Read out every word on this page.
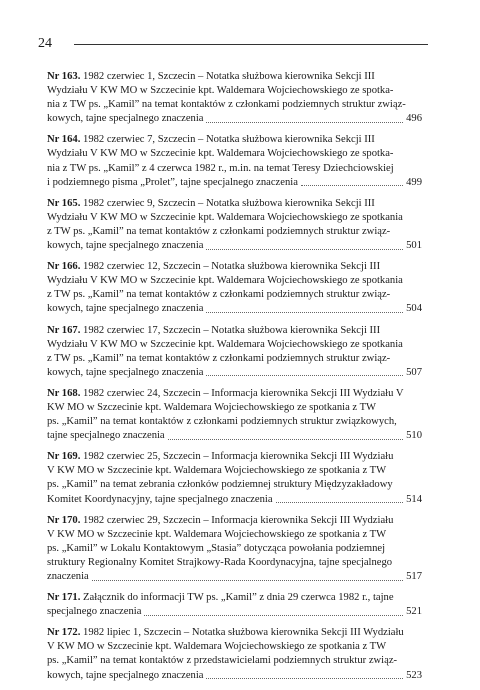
24
Nr 163. 1982 czerwiec 1, Szczecin – Notatka służbowa kierownika Sekcji III
Wydziału V KW MO w Szczecinie kpt. Waldemara Wojciechowskiego ze spotka-
nia z TW ps. „Kamil” na temat kontaktów z członkami podziemnych struktur związ-
kowych, tajne specjalnego znaczenia	496
Nr 164. 1982 czerwiec 7, Szczecin – Notatka służbowa kierownika Sekcji III
Wydziału V KW MO w Szczecinie kpt. Waldemara Wojciechowskiego ze spotka-
nia z TW ps. „Kamil” z 4 czerwca 1982 r., m.in. na temat Teresy Dziechciowskiej
i podziemnego pisma „Prolet”, tajne specjalnego znaczenia	499
Nr 165. 1982 czerwiec 9, Szczecin – Notatka służbowa kierownika Sekcji III
Wydziału V KW MO w Szczecinie kpt. Waldemara Wojciechowskiego ze spotkania
z TW ps. „Kamil” na temat kontaktów z członkami podziemnych struktur związ-
kowych, tajne specjalnego znaczenia	501
Nr 166. 1982 czerwiec 12, Szczecin – Notatka służbowa kierownika Sekcji III
Wydziału V KW MO w Szczecinie kpt. Waldemara Wojciechowskiego ze spotkania
z TW ps. „Kamil” na temat kontaktów z członkami podziemnych struktur związ-
kowych, tajne specjalnego znaczenia	504
Nr 167. 1982 czerwiec 17, Szczecin – Notatka służbowa kierownika Sekcji III
Wydziału V KW MO w Szczecinie kpt. Waldemara Wojciechowskiego ze spotkania
z TW ps. „Kamil” na temat kontaktów z członkami podziemnych struktur związ-
kowych, tajne specjalnego znaczenia	507
Nr 168. 1982 czerwiec 24, Szczecin – Informacja kierownika Sekcji III Wydziału V
KW MO w Szczecinie kpt. Waldemara Wojciechowskiego ze spotkania z TW
ps. „Kamil” na temat kontaktów z członkami podziemnych struktur związkowych,
tajne specjalnego znaczenia	510
Nr 169. 1982 czerwiec 25, Szczecin – Informacja kierownika Sekcji III Wydziału
V KW MO w Szczecinie kpt. Waldemara Wojciechowskiego ze spotkania z TW
ps. „Kamil” na temat zebrania członków podziemnej struktury Międzyzakładowy
Komitet Koordynacyjny, tajne specjalnego znaczenia	514
Nr 170. 1982 czerwiec 29, Szczecin – Informacja kierownika Sekcji III Wydziału
V KW MO w Szczecinie kpt. Waldemara Wojciechowskiego ze spotkania z TW
ps. „Kamil” w Lokalu Kontaktowym „Stasia” dotycząca powołania podziemnej
struktury Regionalny Komitet Strajkowy-Rada Koordynacyjna, tajne specjalnego
znaczenia	517
Nr 171. Załącznik do informacji TW ps. „Kamil” z dnia 29 czerwca 1982 r., tajne
specjalnego znaczenia	521
Nr 172. 1982 lipiec 1, Szczecin – Notatka służbowa kierownika Sekcji III Wydziału
V KW MO w Szczecinie kpt. Waldemara Wojciechowskiego ze spotkania z TW
ps. „Kamil” na temat kontaktów z przedstawicielami podziemnych struktur związ-
kowych, tajne specjalnego znaczenia	523
